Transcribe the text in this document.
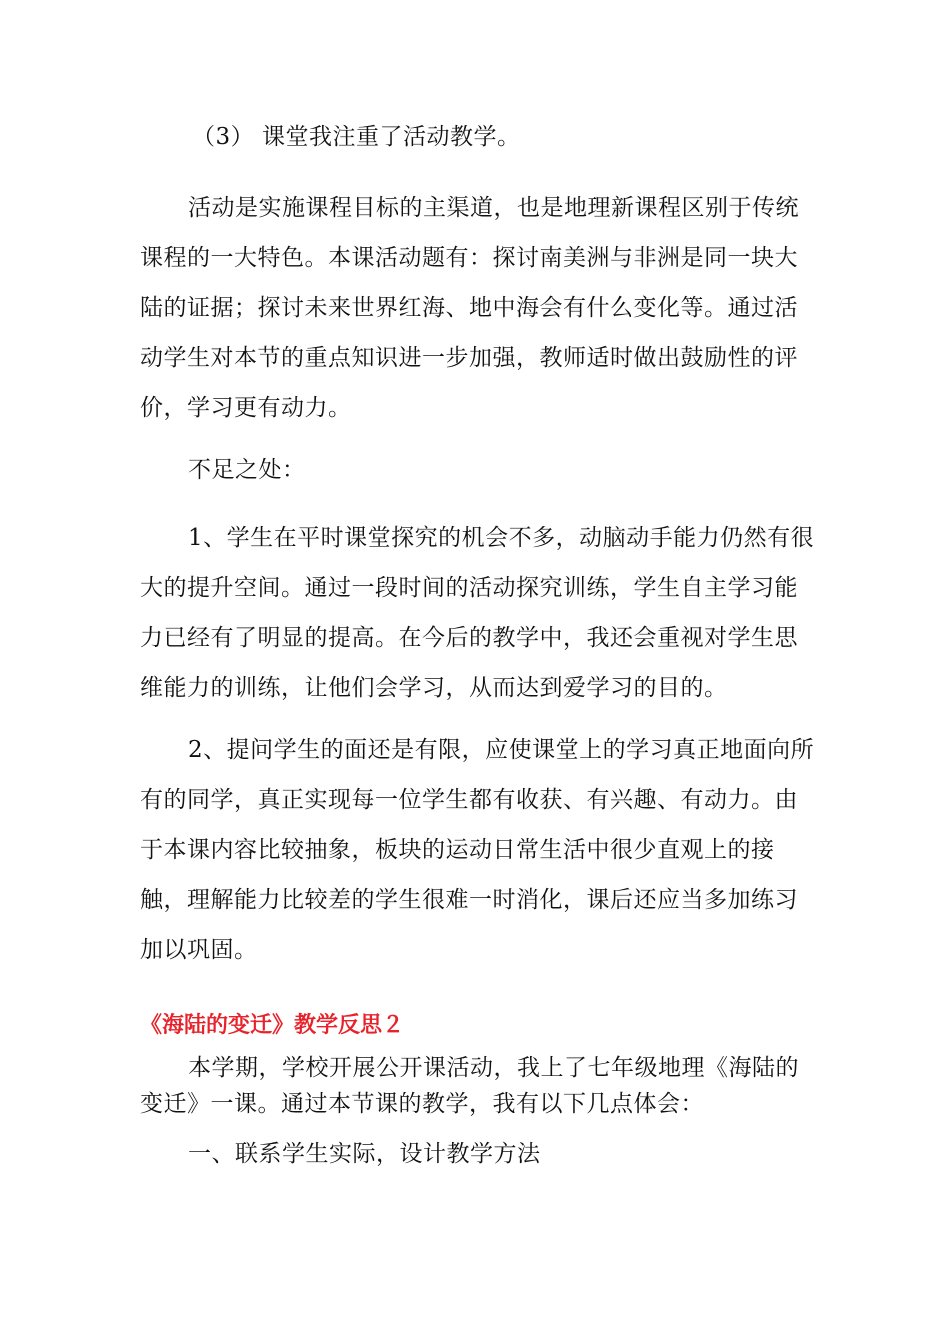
（3） 课堂我注重了活动教学。

活动是实施课程目标的主渠道，也是地理新课程区别于传统课程的一大特色。本课活动题有：探讨南美洲与非洲是同一块大陆的证据；探讨未来世界红海、地中海会有什么变化等。通过活动学生对本节的重点知识进一步加强，教师适时做出鼓励性的评价，学习更有动力。

不足之处：

1、学生在平时课堂探究的机会不多，动脑动手能力仍然有很大的提升空间。通过一段时间的活动探究训练，学生自主学习能力已经有了明显的提高。在今后的教学中，我还会重视对学生思维能力的训练，让他们会学习，从而达到爱学习的目的。

2、提问学生的面还是有限，应使课堂上的学习真正地面向所有的同学，真正实现每一位学生都有收获、有兴趣、有动力。由于本课内容比较抽象，板块的运动日常生活中很少直观上的接触，理解能力比较差的学生很难一时消化，课后还应当多加练习加以巩固。

《海陆的变迁》教学反思２

本学期，学校开展公开课活动，我上了七年级地理《海陆的变迁》一课。通过本节课的教学，我有以下几点体会：

一、联系学生实际，设计教学方法
